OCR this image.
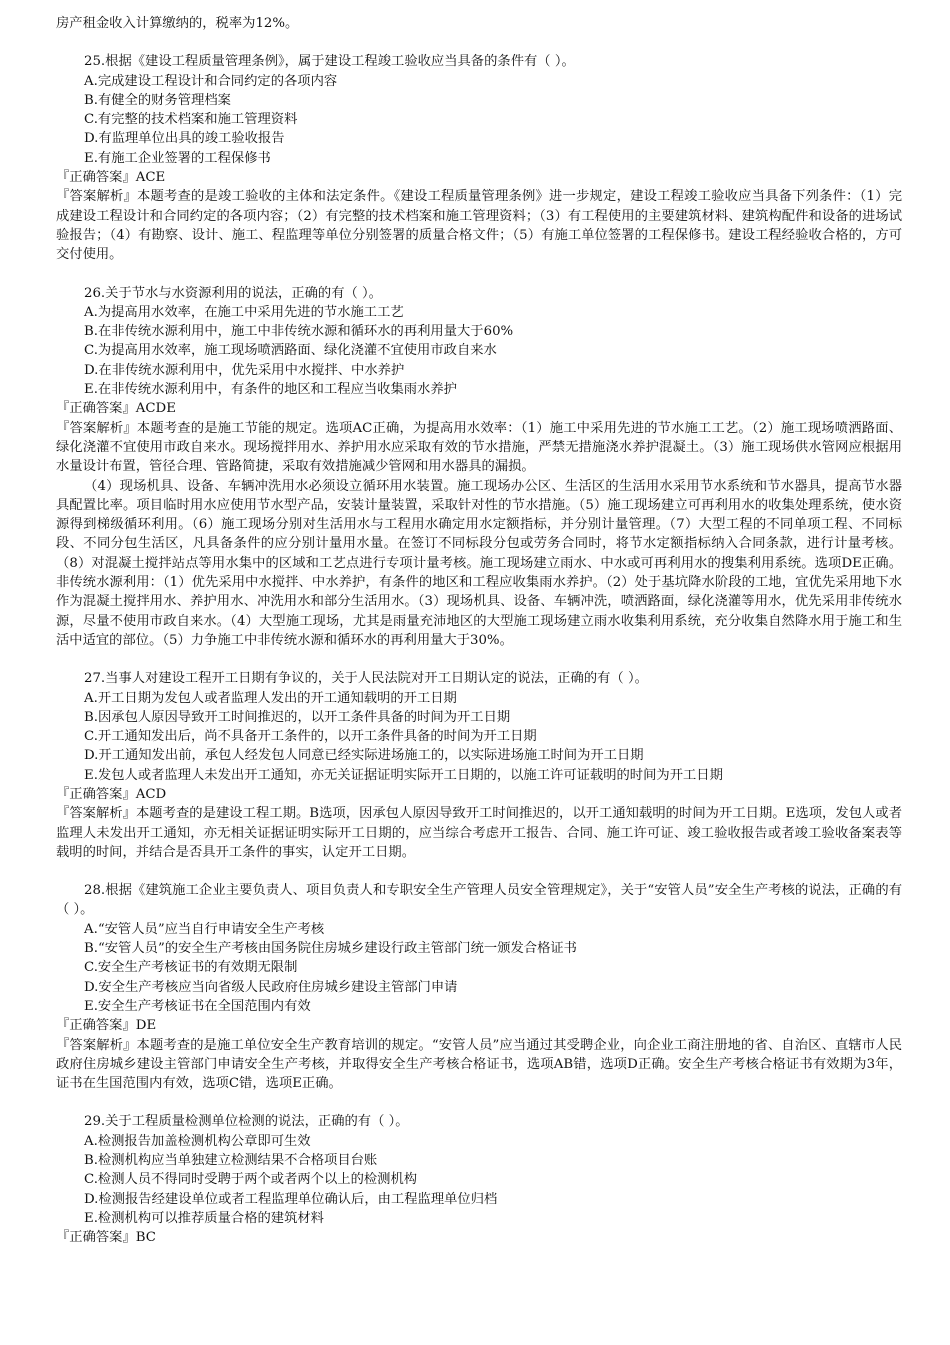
房产租金收入计算缴纳的，税率为12%。
25.根据《建设工程质量管理条例》，属于建设工程竣工验收应当具备的条件有（ ）。
A.完成建设工程设计和合同约定的各项内容
B.有健全的财务管理档案
C.有完整的技术档案和施工管理资料
D.有监理单位出具的竣工验收报告
E.有施工企业签署的工程保修书
『正确答案』ACE
『答案解析』本题考查的是竣工验收的主体和法定条件。《建设工程质量管理条例》进一步规定，建设工程竣工验收应当具备下列条件：（1）完成建设工程设计和合同约定的各项内容；（2）有完整的技术档案和施工管理资料；（3）有工程使用的主要建筑材料、建筑构配件和设备的进场试验报告；（4）有勘察、设计、施工、程监理等单位分别签署的质量合格文件；（5）有施工单位签署的工程保修书。建设工程经验收合格的，方可交付使用。
26.关于节水与水资源利用的说法，正确的有（ ）。
A.为提高用水效率，在施工中采用先进的节水施工工艺
B.在非传统水源利用中，施工中非传统水源和循环水的再利用量大于60%
C.为提高用水效率，施工现场喷洒路面、绿化浇灌不宜使用市政自来水
D.在非传统水源利用中，优先采用中水搅拌、中水养护
E.在非传统水源利用中，有条件的地区和工程应当收集雨水养护
『正确答案』ACDE
『答案解析』本题考查的是施工节能的规定。选项AC正确，为提高用水效率：（1）施工中采用先进的节水施工工艺。（2）施工现场喷洒路面、绿化浇灌不宜使用市政自来水。现场搅拌用水、养护用水应采取有效的节水措施，严禁无措施浇水养护混凝土。（3）施工现场供水管网应根据用水量设计布置，管径合理、管路简捷，采取有效措施减少管网和用水器具的漏损。
（4）现场机具、设备、车辆冲洗用水必须设立循环用水装置。施工现场办公区、生活区的生活用水采用节水系统和节水器具，提高节水器具配置比率。项目临时用水应使用节水型产品，安装计量装置，采取针对性的节水措施。（5）施工现场建立可再利用水的收集处理系统，使水资源得到梯级循环利用。（6）施工现场分别对生活用水与工程用水确定用水定额指标，并分别计量管理。（7）大型工程的不同单项工程、不同标段、不同分包生活区，凡具备条件的应分别计量用水量。在签订不同标段分包或劳务合同时，将节水定额指标纳入合同条款，进行计量考核。（8）对混凝土搅拌站点等用水集中的区域和工艺点进行专项计量考核。施工现场建立雨水、中水或可再利用水的搜集利用系统。选项DE正确。非传统水源利用：（1）优先采用中水搅拌、中水养护，有条件的地区和工程应收集雨水养护。（2）处于基坑降水阶段的工地，宜优先采用地下水作为混凝土搅拌用水、养护用水、冲洗用水和部分生活用水。（3）现场机具、设备、车辆冲洗，喷洒路面，绿化浇灌等用水，优先采用非传统水源，尽量不使用市政自来水。（4）大型施工现场，尤其是雨量充沛地区的大型施工现场建立雨水收集利用系统，充分收集自然降水用于施工和生活中适宜的部位。（5）力争施工中非传统水源和循环水的再利用量大于30%。
27.当事人对建设工程开工日期有争议的，关于人民法院对开工日期认定的说法，正确的有（ ）。
A.开工日期为发包人或者监理人发出的开工通知载明的开工日期
B.因承包人原因导致开工时间推迟的，以开工条件具备的时间为开工日期
C.开工通知发出后，尚不具备开工条件的，以开工条件具备的时间为开工日期
D.开工通知发出前，承包人经发包人同意已经实际进场施工的，以实际进场施工时间为开工日期
E.发包人或者监理人未发出开工通知，亦无关证据证明实际开工日期的，以施工许可证载明的时间为开工日期
『正确答案』ACD
『答案解析』本题考查的是建设工程工期。B选项，因承包人原因导致开工时间推迟的，以开工通知载明的时间为开工日期。E选项，发包人或者监理人未发出开工通知，亦无相关证据证明实际开工日期的，应当综合考虑开工报告、合同、施工许可证、竣工验收报告或者竣工验收备案表等载明的时间，并结合是否具开工条件的事实，认定开工日期。
28.根据《建筑施工企业主要负责人、项目负责人和专职安全生产管理人员安全管理规定》，关于“安管人员”安全生产考核的说法，正确的有（ ）。
A.“安管人员”应当自行申请安全生产考核
B.“安管人员”的安全生产考核由国务院住房城乡建设行政主管部门统一颁发合格证书
C.安全生产考核证书的有效期无限制
D.安全生产考核应当向省级人民政府住房城乡建设主管部门申请
E.安全生产考核证书在全国范围内有效
『正确答案』DE
『答案解析』本题考查的是施工单位安全生产教育培训的规定。“安管人员”应当通过其受聘企业，向企业工商注册地的省、自治区、直辖市人民政府住房城乡建设主管部门申请安全生产考核，并取得安全生产考核合格证书，选项AB错，选项D正确。安全生产考核合格证书有效期为3年，证书在生国范围内有效，选项C错，选项E正确。
29.关于工程质量检测单位检测的说法，正确的有（ ）。
A.检测报告加盖检测机构公章即可生效
B.检测机构应当单独建立检测结果不合格项目台账
C.检测人员不得同时受聘于两个或者两个以上的检测机构
D.检测报告经建设单位或者工程监理单位确认后，由工程监理单位归档
E.检测机构可以推荐质量合格的建筑材料
『正确答案』BC
